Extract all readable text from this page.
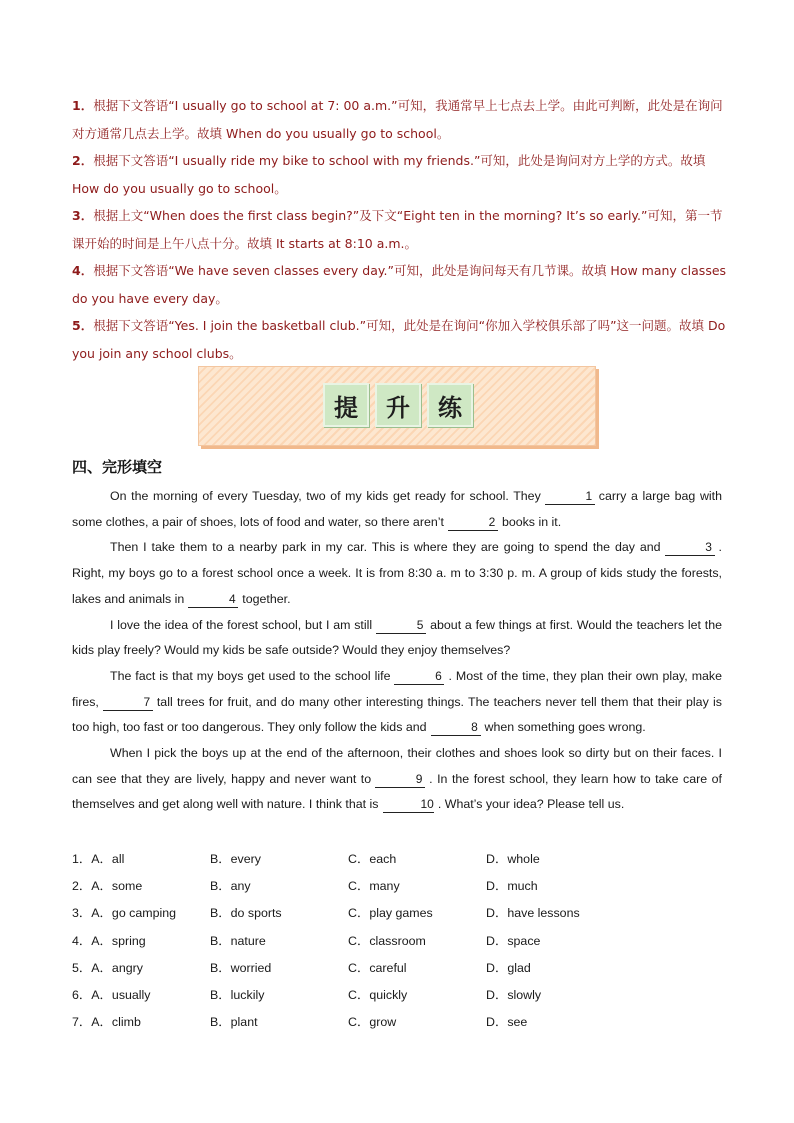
1．根据下文答语“I usually go to school at 7: 00 a.m.”可知，我通常早上七点去上学。由此可判断，此处是在询问对方通常几点去上学。故填 When do you usually go to school。

2．根据下文答语“I usually ride my bike to school with my friends.”可知，此处是询问对方上学的方式。故填 How do you usually go to school。

3．根据上文“When does the first class begin?”及下文“Eight ten in the morning? It’s so early.”可知，第一节课开始的时间是上午八点十分。故填 It starts at 8:10 a.m.。

4．根据下文答语“We have seven classes every day.”可知，此处是询问每天有几节课。故填 How many classes do you have every day。

5．根据下文答语“Yes. I join the basketball club.”可知，此处是在询问“你加入学校俱乐部了吗”这一问题。故填 Do you join any school clubs。

提	升	练
四、完形填空

On the morning of every Tuesday, two of my kids get ready for school. They	1 carry a large bag with some clothes, a pair of shoes, lots of food and water, so there aren’t	2 books in it.

Then I take them to a nearby park in my car. This is where they are going to spend the day and	3 . Right, my boys go to a forest school once a week. It is from 8:30 a. m to 3:30 p. m. A group of kids study the forests, lakes and animals in	4 together.

I love the idea of the forest school, but I am still	5 about a few things at first. Would the teachers let the kids play freely? Would my kids be safe outside? Would they enjoy themselves?

The fact is that my boys get used to the school life	6 . Most of the time, they plan their own play, make fires,	7 tall trees for fruit, and do many other interesting things. The teachers never tell them that their play is too high, too fast or too dangerous. They only follow the kids and	8 when something goes wrong.

When I pick the boys up at the end of the afternoon, their clothes and shoes look so dirty but on their faces. I can see that they are lively, happy and never want to	9 . In the forest school, they learn how to take care of themselves and get along well with nature. I think that is	10 . What’s your idea? Please tell us.

1．A．all	B．every	C．each	D．whole
2．A．some	B．any	C．many	D．much
3．A．go camping	B．do sports	C．play games	D．have lessons
4．A．spring	B．nature	C．classroom	D．space
5．A．angry	B．worried	C．careful	D．glad
6．A．usually	B．luckily	C．quickly	D．slowly
7．A．climb	B．plant	C．grow	D．see
